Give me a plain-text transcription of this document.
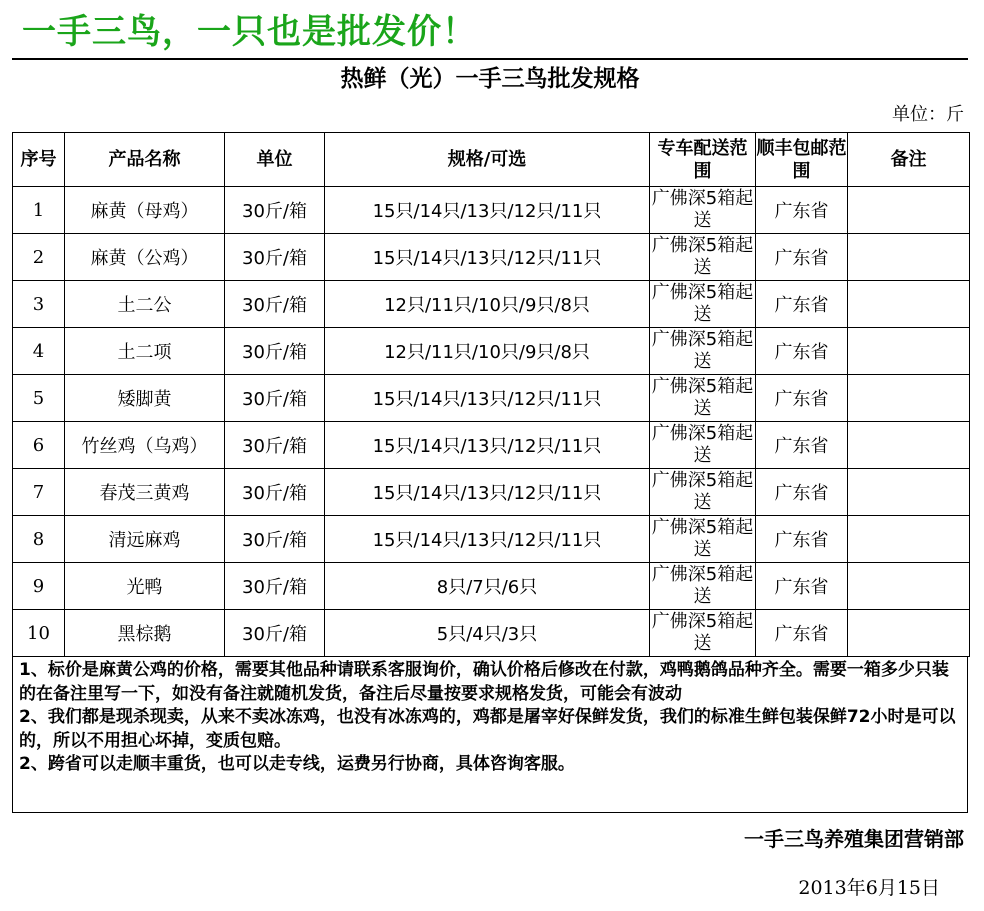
一手三鸟，一只也是批发价！
热鲜（光）一手三鸟批发规格
单位：斤
序号	产品名称	单位	规格/可选	专车配送范围	顺丰包邮范围	备注
1	麻黄（母鸡）	30斤/箱	15只/14只/13只/12只/11只	广佛深5箱起送	广东省	
2	麻黄（公鸡）	30斤/箱	15只/14只/13只/12只/11只	广佛深5箱起送	广东省	
3	土二公	30斤/箱	12只/11只/10只/9只/8只	广佛深5箱起送	广东省	
4	土二项	30斤/箱	12只/11只/10只/9只/8只	广佛深5箱起送	广东省	
5	矮脚黄	30斤/箱	15只/14只/13只/12只/11只	广佛深5箱起送	广东省	
6	竹丝鸡（乌鸡）	30斤/箱	15只/14只/13只/12只/11只	广佛深5箱起送	广东省	
7	春茂三黄鸡	30斤/箱	15只/14只/13只/12只/11只	广佛深5箱起送	广东省	
8	清远麻鸡	30斤/箱	15只/14只/13只/12只/11只	广佛深5箱起送	广东省	
9	光鸭	30斤/箱	8只/7只/6只	广佛深5箱起送	广东省	
10	黑棕鹅	30斤/箱	5只/4只/3只	广佛深5箱起送	广东省	

1、标价是麻黄公鸡的价格，需要其他品种请联系客服询价，确认价格后修改在付款，鸡鸭鹅鸽品种齐全。需要一箱多少只装的在备注里写一下，如没有备注就随机发货，备注后尽量按要求规格发货，可能会有波动

2、我们都是现杀现卖，从来不卖冰冻鸡，也没有冰冻鸡的，鸡都是屠宰好保鲜发货，我们的标准生鲜包装保鲜72小时是可以的，所以不用担心坏掉，变质包赔。

2、跨省可以走顺丰重货，也可以走专线，运费另行协商，具体咨询客服。

一手三鸟养殖集团营销部
2013年6月15日
